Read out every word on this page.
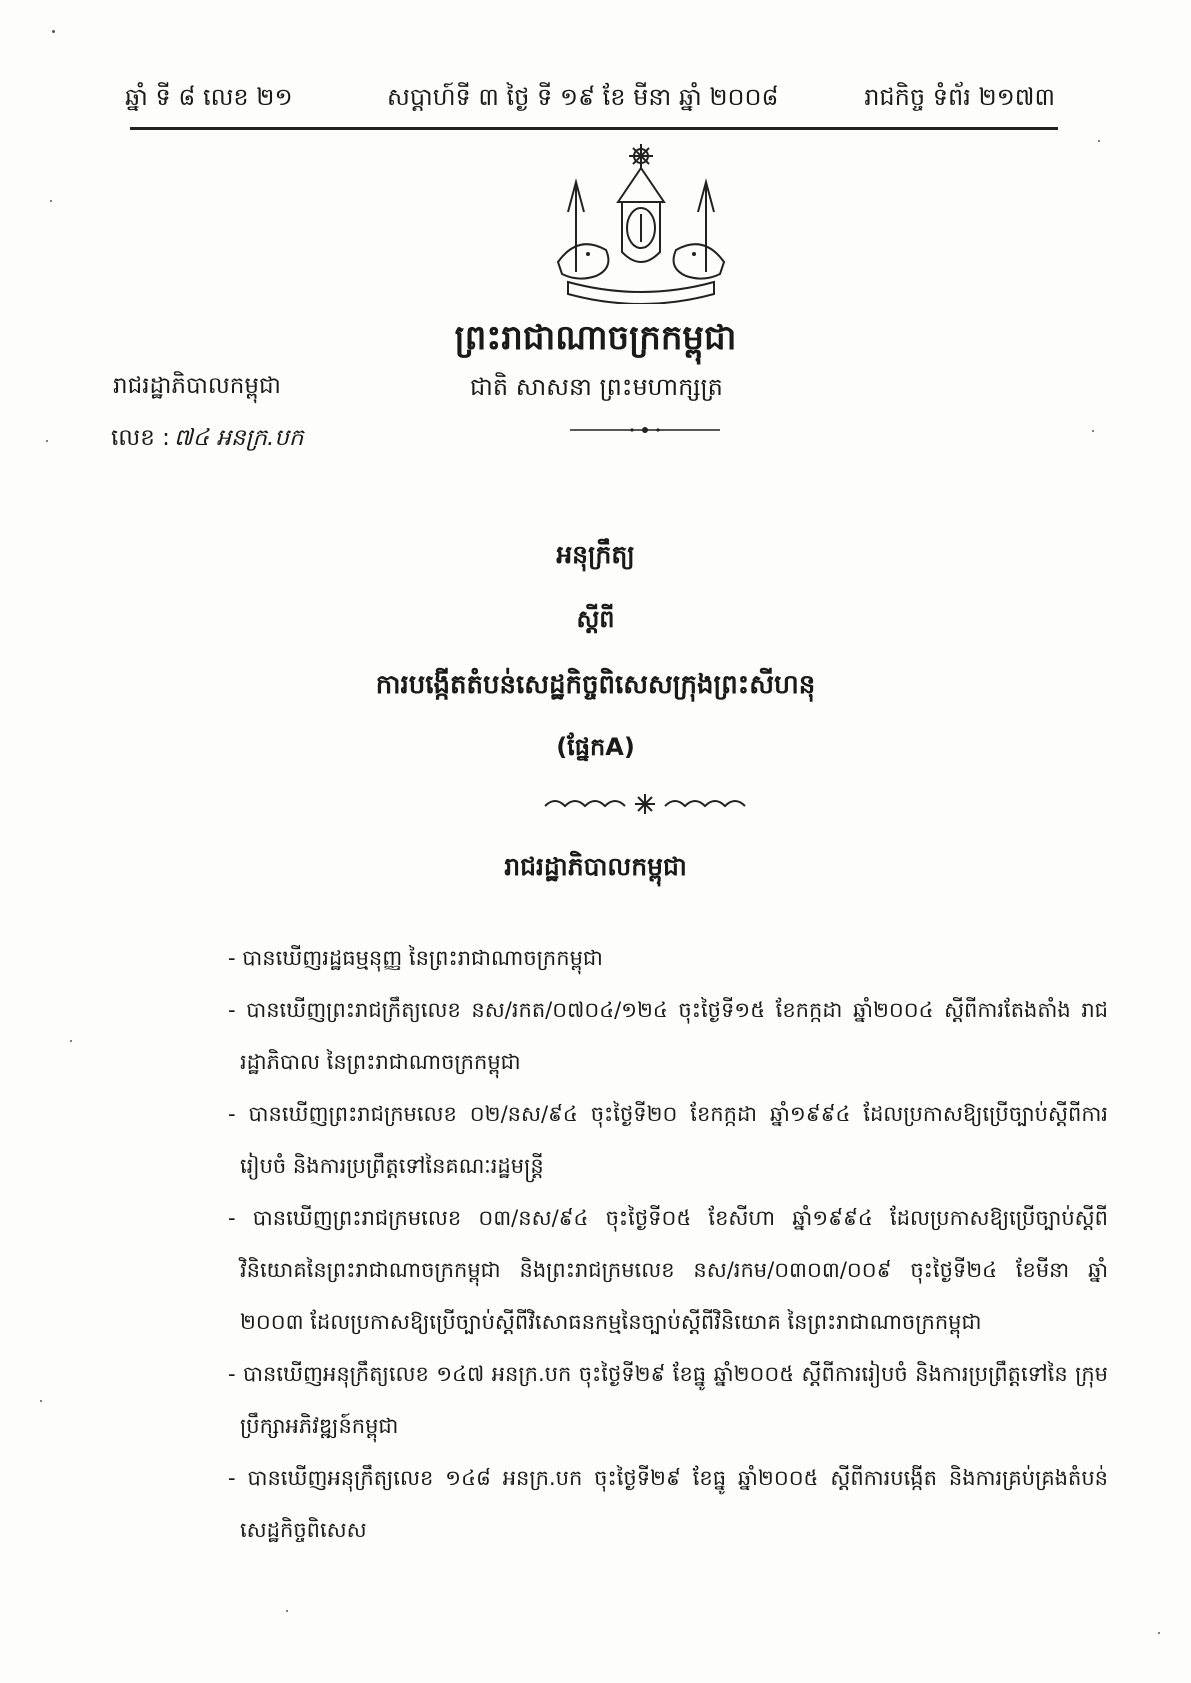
ឆ្នាំ ទី ៨ លេខ ២១	សប្តាហ៍ទី ៣ ថ្ងៃ ទី ១៩ ខែ មីនា ឆ្នាំ ២០០៨	រាជកិច្ច ទំព័រ ២១៧៣
ព្រះរាជាណាចក្រកម្ពុជា
ជាតិ សាសនា ព្រះមហាក្សត្រ
រាជរដ្ឋាភិបាលកម្ពុជា
លេខ : ៧៤ អនក្រ.បក
អនុក្រឹត្យ
ស្តីពី
ការបង្កើតតំបន់សេដ្ឋកិច្ចពិសេសក្រុងព្រះសីហនុ
(ផ្នែកA)
រាជរដ្ឋាភិបាលកម្ពុជា

- បានឃើញរដ្ឋធម្មនុញ្ញ នៃព្រះរាជាណាចក្រកម្ពុជា

- បានឃើញព្រះរាជក្រឹត្យលេខ នស/រកត/០៧០៤/១២៤ ចុះថ្ងៃទី១៥ ខែកក្កដា ឆ្នាំ២០០៤ ស្តីពីការតែងតាំង រាជរដ្ឋាភិបាល នៃព្រះរាជាណាចក្រកម្ពុជា

- បានឃើញព្រះរាជក្រមលេខ ០២/នស/៩៤ ចុះថ្ងៃទី២០ ខែកក្កដា ឆ្នាំ១៩៩៤ ដែលប្រកាសឱ្យប្រើច្បាប់ស្តីពីការ រៀបចំ និងការប្រព្រឹត្តទៅនៃគណៈរដ្ឋមន្ត្រី

- បានឃើញព្រះរាជក្រមលេខ ០៣/នស/៩៤ ចុះថ្ងៃទី០៥ ខែសីហា ឆ្នាំ១៩៩៤ ដែលប្រកាសឱ្យប្រើច្បាប់ស្តីពី វិនិយោគនៃព្រះរាជាណាចក្រកម្ពុជា និងព្រះរាជក្រមលេខ នស/រកម/០៣០៣/០០៩ ចុះថ្ងៃទី២៤ ខែមីនា ឆ្នាំ ២០០៣ ដែលប្រកាសឱ្យប្រើច្បាប់ស្តីពីវិសោធនកម្មនៃច្បាប់ស្តីពីវិនិយោគ នៃព្រះរាជាណាចក្រកម្ពុជា

- បានឃើញអនុក្រឹត្យលេខ ១៤៧ អនក្រ.បក ចុះថ្ងៃទី២៩ ខែធ្នូ ឆ្នាំ២០០៥ ស្តីពីការរៀបចំ និងការប្រព្រឹត្តទៅនៃ ក្រុមប្រឹក្សាអភិវឌ្ឍន៍កម្ពុជា

- បានឃើញអនុក្រឹត្យលេខ ១៤៨ អនក្រ.បក ចុះថ្ងៃទី២៩ ខែធ្នូ ឆ្នាំ២០០៥ ស្តីពីការបង្កើត និងការគ្រប់គ្រងតំបន់ សេដ្ឋកិច្ចពិសេស
